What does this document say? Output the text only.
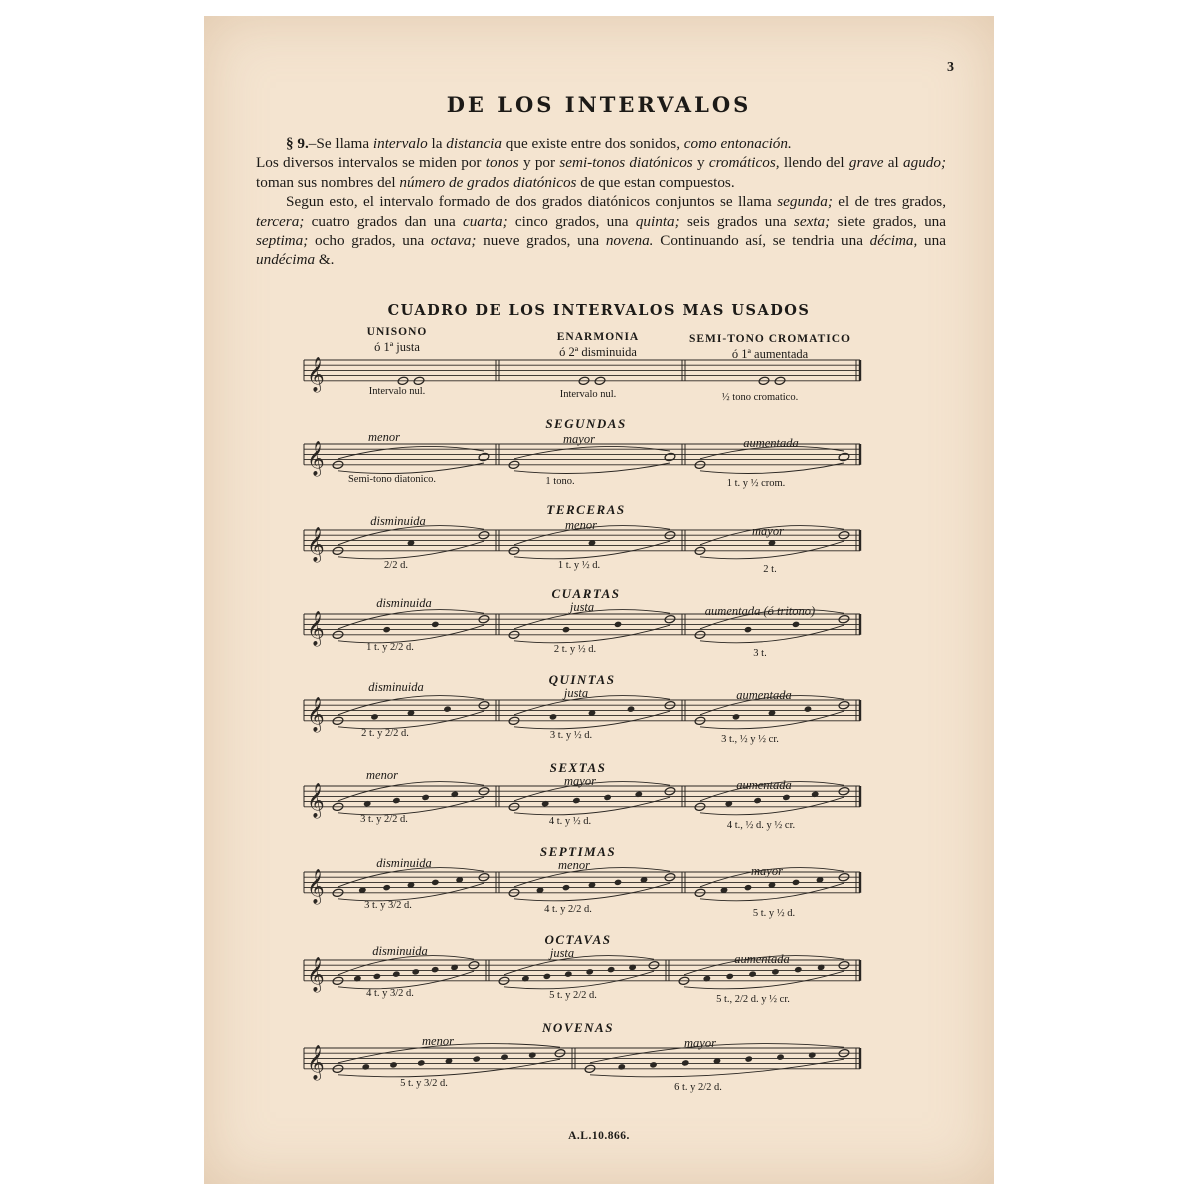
3
DE LOS INTERVALOS

§ 9.–Se llama intervalo la distancia que existe entre dos sonidos, como entonación.

Los diversos intervalos se miden por tonos y por semi-tonos diatónicos y cromáticos, llendo del grave al agudo; toman sus nombres del número de grados diatónicos de que estan compuestos.

Segun esto, el intervalo formado de dos grados diatónicos conjuntos se llama segunda; el de tres grados, tercera; cuatro grados dan una cuarta; cinco grados, una quinta; seis grados una sexta; siete grados, una septima; ocho grados, una octava; nueve grados, una novena. Continuando así, se tendria una décima, una undécima &.

CUADRO DE LOS INTERVALOS MAS USADOS
UNISONO
ó 1ª justa
ENARMONIA
ó 2ª disminuida
SEMI-TONO CROMATICO
ó 1ª aumentada
Intervalo nul.	Intervalo nul.	½ tono cromatico.
SEGUNDAS
menor	mayor	aumentada
Semi-tono diatonico.	1 tono.	1 t. y ½ crom.
TERCERAS
disminuida	menor	mayor
2/2 d.	1 t. y ½ d.	2 t.
CUARTAS
disminuida	justa	aumentada (ó tritono)
1 t. y 2/2 d.	2 t. y ½ d.	3 t.
QUINTAS
disminuida	justa	aumentada
2 t. y 2/2 d.	3 t. y ½ d.	3 t., ½ y ½ cr.
SEXTAS
menor	mayor	aumentada
3 t. y 2/2 d.	4 t. y ½ d.	4 t., ½ d. y ½ cr.
SEPTIMAS
disminuida	menor	mayor
3 t. y 3/2 d.	4 t. y 2/2 d.	5 t. y ½ d.
OCTAVAS
disminuida	justa	aumentada
4 t. y 3/2 d.	5 t. y 2/2 d.	5 t., 2/2 d. y ½ cr.
NOVENAS
menor	mayor
5 t. y 3/2 d.	6 t. y 2/2 d.
𝄞
𝄞
𝄞
𝄞
𝄞
𝄞
𝄞
𝄞
𝄞
A.L.10.866.
